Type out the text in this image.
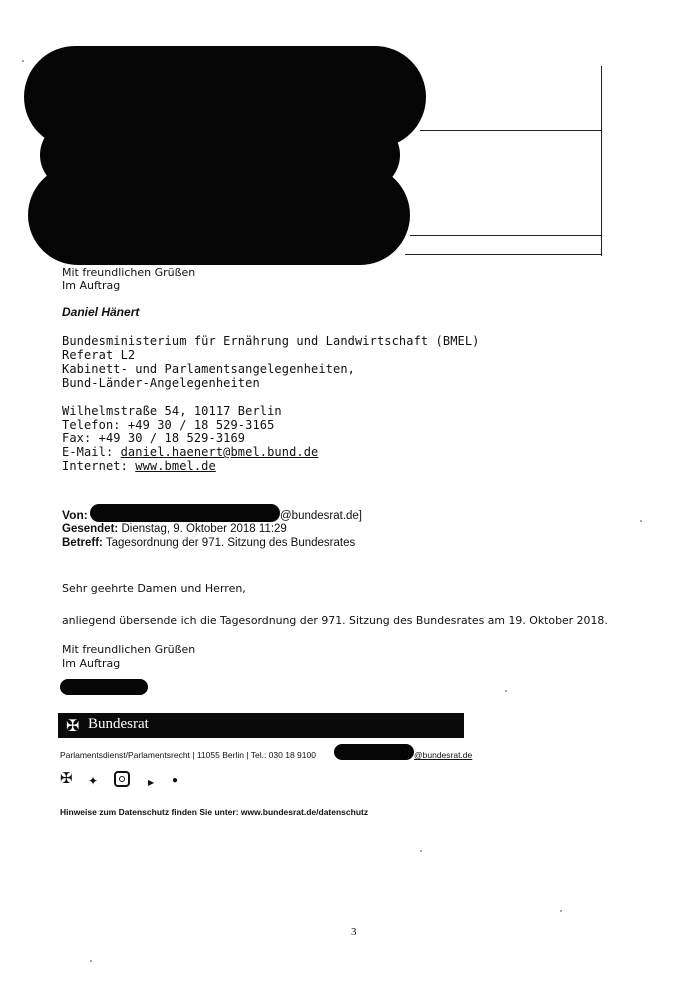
Mit freundlichen Grüßen
Im Auftrag
Daniel Hänert
Bundesministerium für Ernährung und Landwirtschaft (BMEL)
Referat L2
Kabinett- und Parlamentsangelegenheiten,
Bund-Länder-Angelegenheiten
Wilhelmstraße 54, 10117 Berlin
Telefon: +49 30 / 18 529-3165
Fax: +49 30 / 18 529-3169
E-Mail: daniel.haenert@bmel.bund.de
Internet: www.bmel.de
Von:	@bundesrat.de]
Gesendet: Dienstag, 9. Oktober 2018 11:29
Betreff: Tagesordnung der 971. Sitzung des Bundesrates
Sehr geehrte Damen und Herren,
anliegend übersende ich die Tagesordnung der 971. Sitzung des Bundesrates am 19. Oktober 2018.
Mit freundlichen Grüßen
Im Auftrag
✠ Bundesrat
Parlamentsdienst/Parlamentsrecht | 11055 Berlin | Tel.: 030 18 9100	@bundesrat.de
✠ ✦	▶ ●
Hinweise zum Datenschutz finden Sie unter: www.bundesrat.de/datenschutz
3
